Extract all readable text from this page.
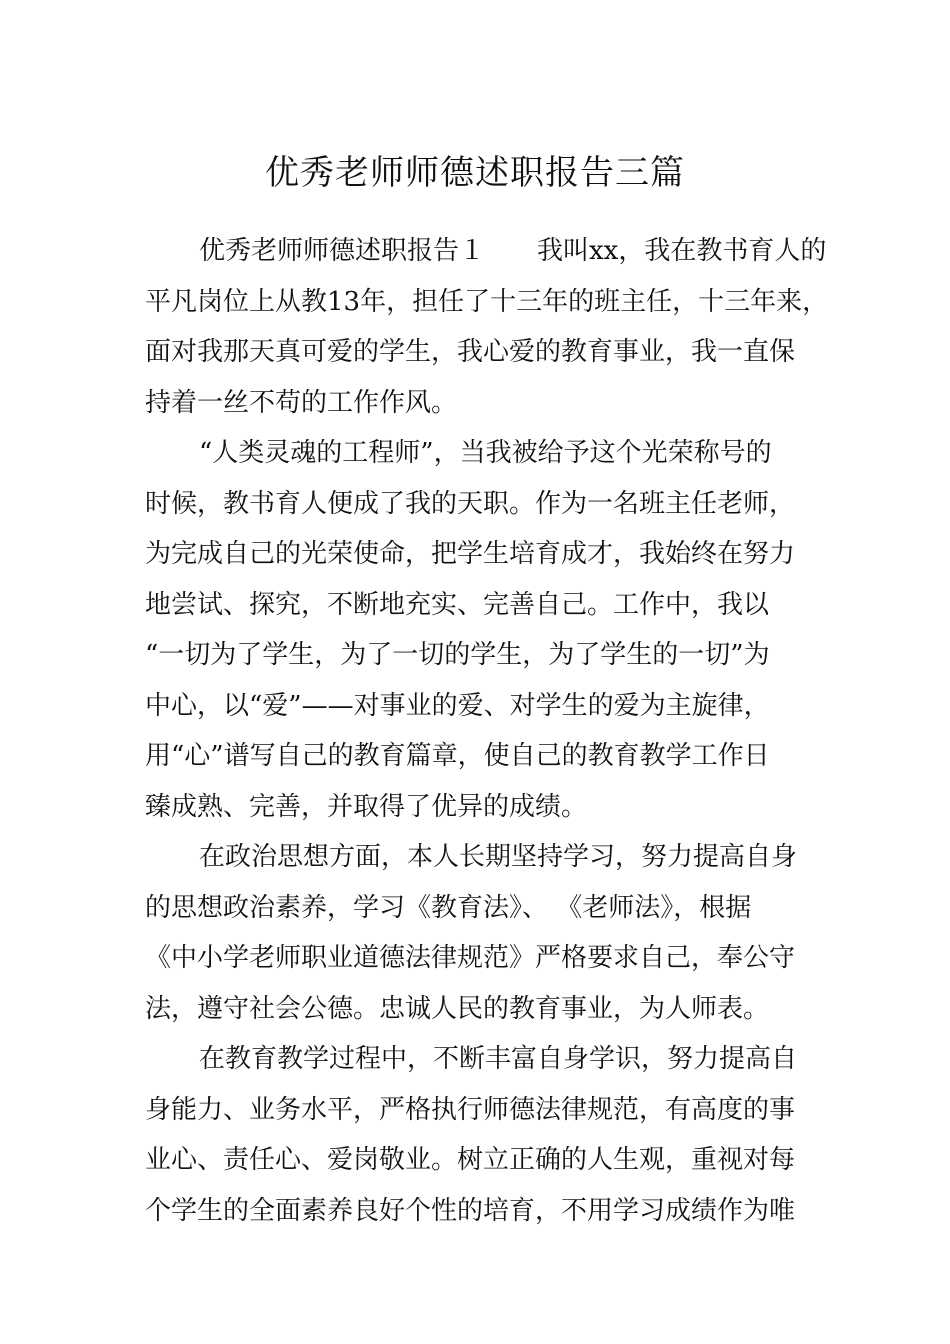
优秀老师师德述职报告三篇
优秀老师师德述职报告１　　我叫xx，我在教书育人的
平凡岗位上从教13年，担任了十三年的班主任，十三年来，
面对我那天真可爱的学生，我心爱的教育事业，我一直保
持着一丝不苟的工作作风。
“人类灵魂的工程师”，当我被给予这个光荣称号的
时候，教书育人便成了我的天职。作为一名班主任老师，
为完成自己的光荣使命，把学生培育成才，我始终在努力
地尝试、探究，不断地充实、完善自己。工作中，我以
“一切为了学生，为了一切的学生，为了学生的一切”为
中心，以“爱”——对事业的爱、对学生的爱为主旋律，
用“心”谱写自己的教育篇章，使自己的教育教学工作日
臻成熟、完善，并取得了优异的成绩。
在政治思想方面，本人长期坚持学习，努力提高自身
的思想政治素养，学习《教育法》、 《老师法》，根据
《中小学老师职业道德法律规范》严格要求自己，奉公守
法，遵守社会公德。忠诚人民的教育事业，为人师表。
在教育教学过程中，不断丰富自身学识，努力提高自
身能力、业务水平，严格执行师德法律规范，有高度的事
业心、责任心、爱岗敬业。树立正确的人生观，重视对每
个学生的全面素养良好个性的培育，不用学习成绩作为唯
